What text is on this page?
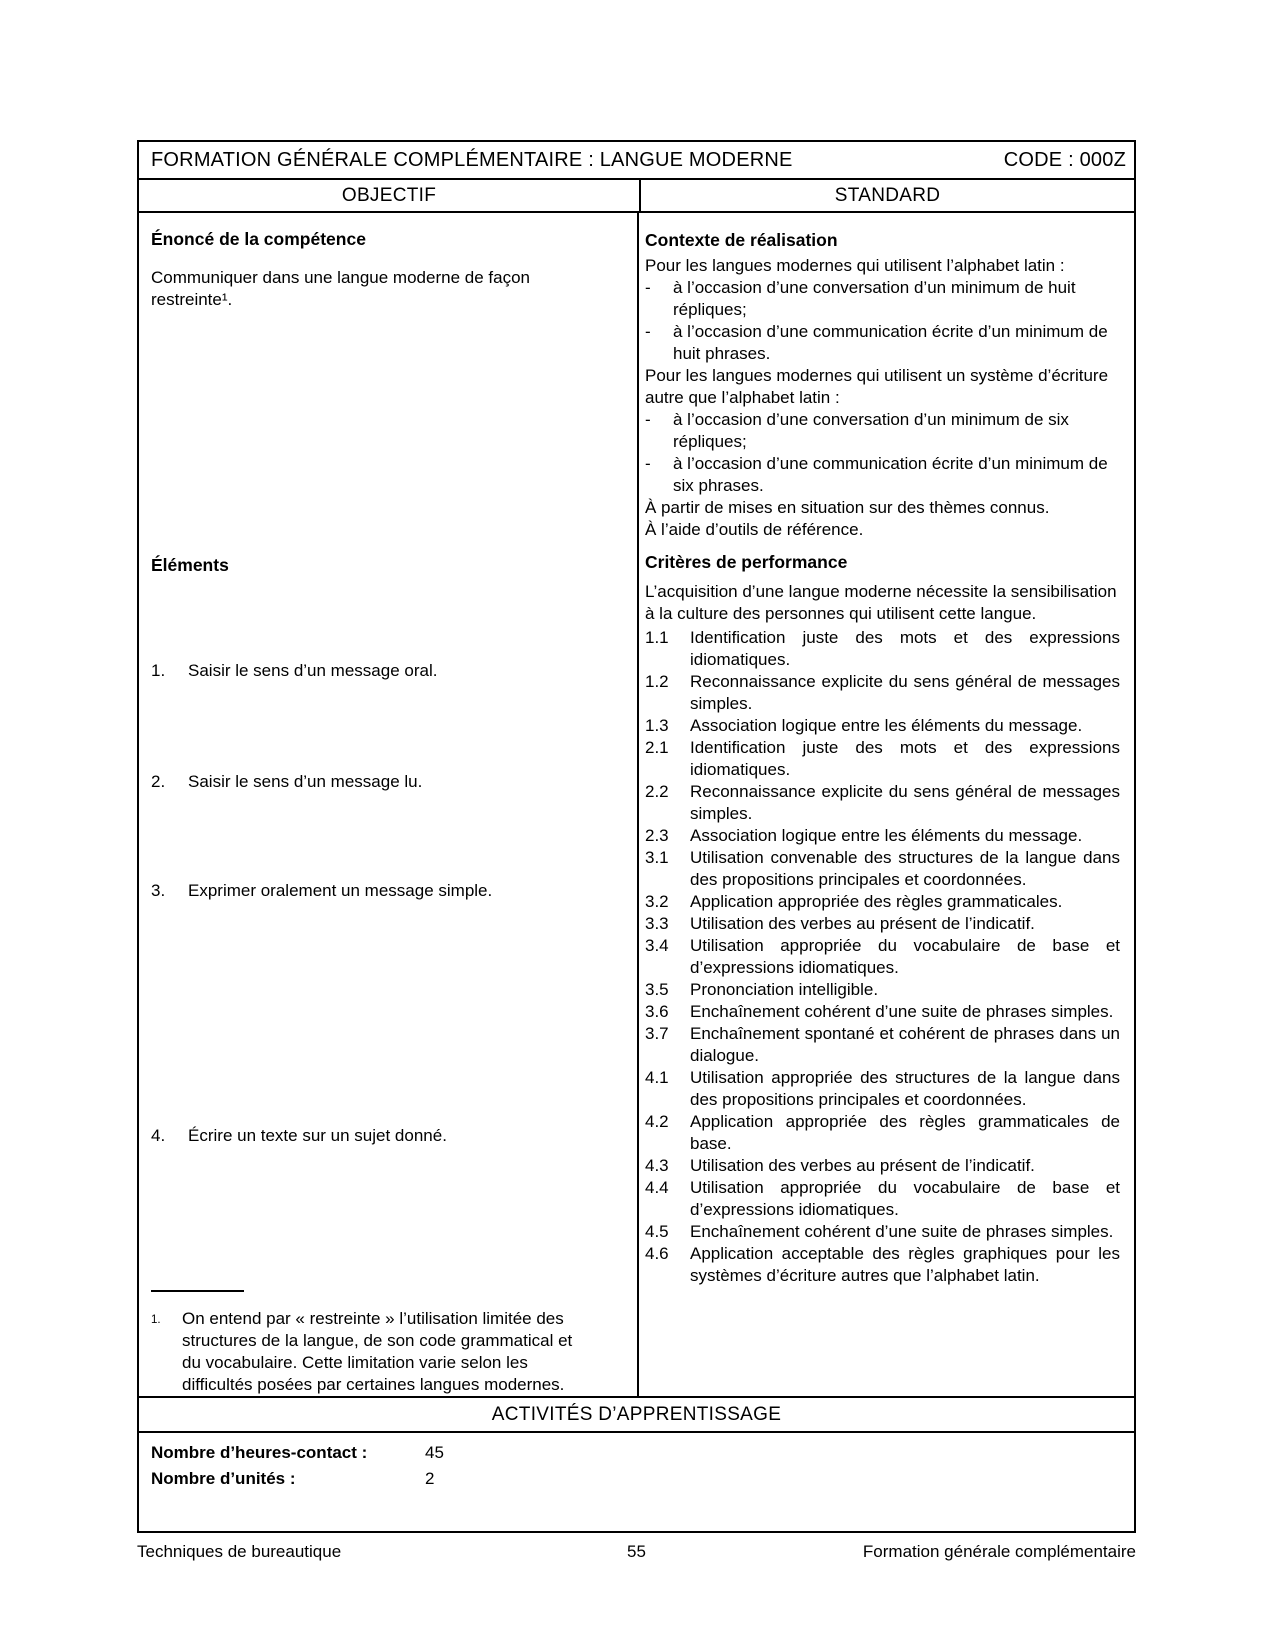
FORMATION GÉNÉRALE COMPLÉMENTAIRE : LANGUE MODERNE	CODE : 000Z
OBJECTIF	STANDARD
Énoncé de la compétence
Communiquer dans une langue moderne de façon restreinte¹.
Éléments
1.	Saisir le sens d’un message oral.
2.	Saisir le sens d’un message lu.
3.	Exprimer oralement un message simple.
4.	Écrire un texte sur un sujet donné.
1.	On entend par « restreinte » l’utilisation limitée des structures de la langue, de son code grammatical et du vocabulaire. Cette limitation varie selon les difficultés posées par certaines langues modernes.
Contexte de réalisation
Pour les langues modernes qui utilisent l’alphabet latin :
-	à l’occasion d’une conversation d’un minimum de huit répliques;
-	à l’occasion d’une communication écrite d’un minimum de huit phrases.
Pour les langues modernes qui utilisent un système d’écriture autre que l’alphabet latin :
-	à l’occasion d’une conversation d’un minimum de six répliques;
-	à l’occasion d’une communication écrite d’un minimum de six phrases.
À partir de mises en situation sur des thèmes connus.
À l’aide d’outils de référence.
Critères de performance
L’acquisition d’une langue moderne nécessite la sensibilisation à la culture des personnes qui utilisent cette langue.
1.1	Identification juste des mots et des expressions idiomatiques.
1.2	Reconnaissance explicite du sens général de messages simples.
1.3	Association logique entre les éléments du message.
2.1	Identification juste des mots et des expressions idiomatiques.
2.2	Reconnaissance explicite du sens général de messages simples.
2.3	Association logique entre les éléments du message.
3.1	Utilisation convenable des structures de la langue dans des propositions principales et coordonnées.
3.2	Application appropriée des règles grammaticales.
3.3	Utilisation des verbes au présent de l’indicatif.
3.4	Utilisation appropriée du vocabulaire de base et d’expressions idiomatiques.
3.5	Prononciation intelligible.
3.6	Enchaînement cohérent d’une suite de phrases simples.
3.7	Enchaînement spontané et cohérent de phrases dans un dialogue.
4.1	Utilisation appropriée des structures de la langue dans des propositions principales et coordonnées.
4.2	Application appropriée des règles grammaticales de base.
4.3	Utilisation des verbes au présent de l’indicatif.
4.4	Utilisation appropriée du vocabulaire de base et d’expressions idiomatiques.
4.5	Enchaînement cohérent d’une suite de phrases simples.
4.6	Application acceptable des règles graphiques pour les systèmes d’écriture autres que l’alphabet latin.
ACTIVITÉS D’APPRENTISSAGE
Nombre d’heures-contact :	45
Nombre d’unités :	2
55
Techniques de bureautique	Formation générale complémentaire
